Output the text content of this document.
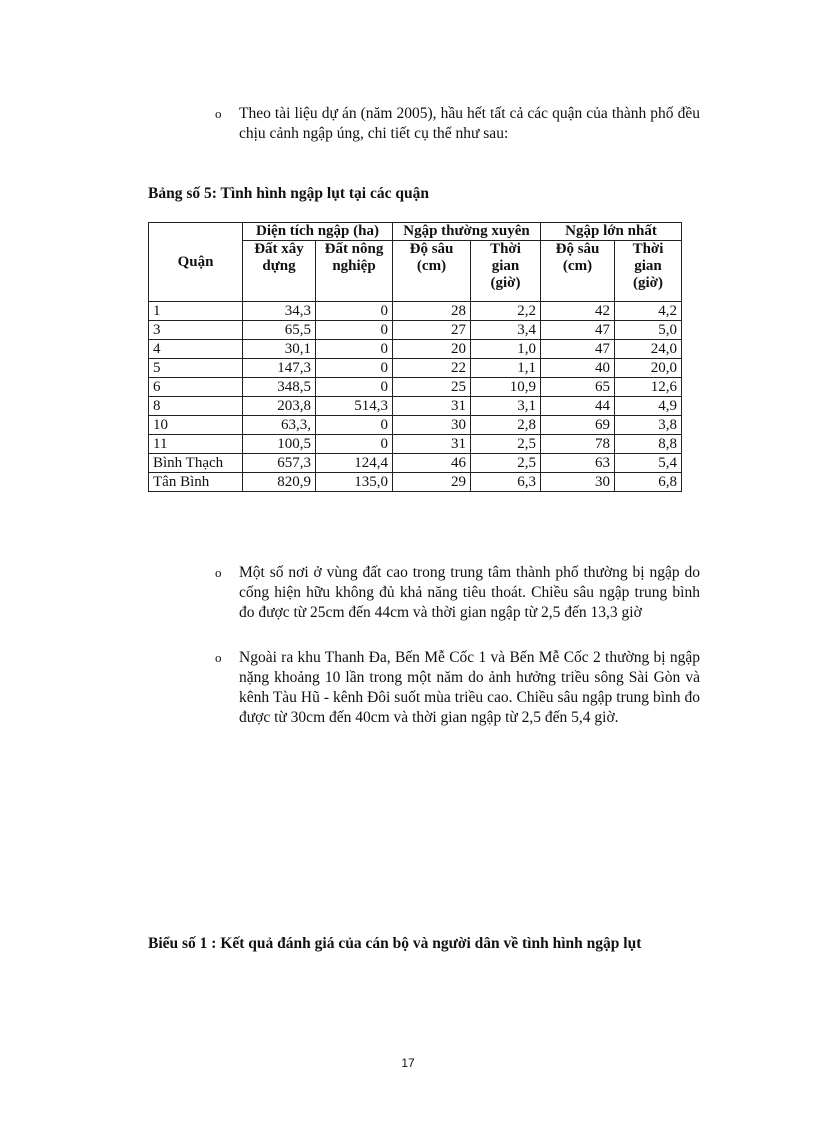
o Theo tài liệu dự án (năm 2005), hầu hết tất cả các quận của thành phố đều chịu cảnh ngập úng, chi tiết cụ thể như sau:
Bảng số 5: Tình hình ngập lụt tại các quận
Quận	Diện tích ngập (ha)		Ngập thường xuyên		Ngập lớn nhất	
	Đất xây dựng	Đất nông nghiệp	Độ sâu (cm)	Thời gian (giờ)	Độ sâu (cm)	Thời gian (giờ)
1	34,3	0	28	2,2	42	4,2
3	65,5	0	27	3,4	47	5,0
4	30,1	0	20	1,0	47	24,0
5	147,3	0	22	1,1	40	20,0
6	348,5	0	25	10,9	65	12,6
8	203,8	514,3	31	3,1	44	4,9
10	63,3,	0	30	2,8	69	3,8
11	100,5	0	31	2,5	78	8,8
Bình Thạch	657,3	124,4	46	2,5	63	5,4
Tân Bình	820,9	135,0	29	6,3	30	6,8
o Một số nơi ở vùng đất cao trong trung tâm thành phố thường bị ngập do cống hiện hữu không đủ khả năng tiêu thoát. Chiều sâu ngập trung bình đo được từ 25cm đến 44cm và thời gian ngập từ 2,5 đến 13,3 giờ
o Ngoài ra khu Thanh Đa, Bến Mễ Cốc 1 và Bến Mễ Cốc 2 thường bị ngập nặng khoảng 10 lần trong một năm do ảnh hưởng triều sông Sài Gòn và kênh Tàu Hũ - kênh Đôi suốt mùa triều cao. Chiều sâu ngập trung bình đo được từ 30cm đến 40cm và thời gian ngập từ 2,5 đến 5,4 giờ.
Biểu số 1 : Kết quả đánh giá của cán bộ và người dân về tình hình ngập lụt
17
